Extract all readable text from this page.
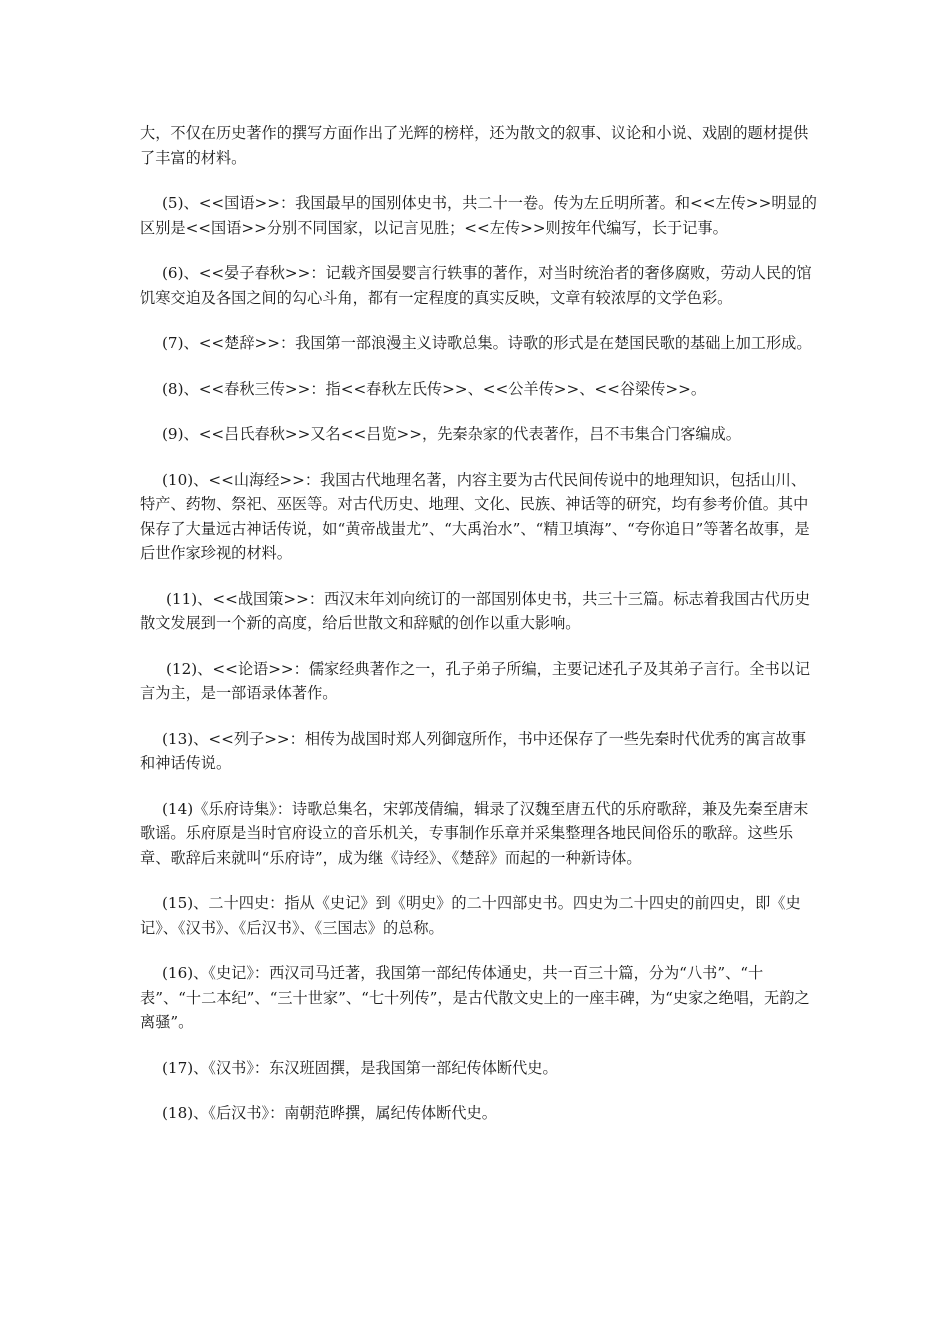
大，不仅在历史著作的撰写方面作出了光辉的榜样，还为散文的叙事、议论和小说、戏剧的题材提供了丰富的材料。

(5)、<<国语>>：我国最早的国别体史书，共二十一卷。传为左丘明所著。和<<左传>>明显的区别是<<国语>>分别不同国家，以记言见胜；<<左传>>则按年代编写，长于记事。

(6)、<<晏子春秋>>：记载齐国晏婴言行轶事的著作，对当时统治者的奢侈腐败，劳动人民的馆饥寒交迫及各国之间的勾心斗角，都有一定程度的真实反映，文章有较浓厚的文学色彩。

(7)、<<楚辞>>：我国第一部浪漫主义诗歌总集。诗歌的形式是在楚国民歌的基础上加工形成。

(8)、<<春秋三传>>：指<<春秋左氏传>>、<<公羊传>>、<<谷梁传>>。

(9)、<<吕氏春秋>>又名<<吕览>>，先秦杂家的代表著作，吕不韦集合门客编成。

(10)、<<山海经>>：我国古代地理名著，内容主要为古代民间传说中的地理知识，包括山川、特产、药物、祭祀、巫医等。对古代历史、地理、文化、民族、神话等的研究，均有参考价值。其中保存了大量远古神话传说，如“黄帝战蚩尤”、“大禹治水”、“精卫填海”、“夸你追日”等著名故事，是后世作家珍视的材料。

(11)、<<战国策>>：西汉末年刘向统订的一部国别体史书，共三十三篇。标志着我国古代历史散文发展到一个新的高度，给后世散文和辞赋的创作以重大影响。

(12)、<<论语>>：儒家经典著作之一，孔子弟子所编，主要记述孔子及其弟子言行。全书以记言为主，是一部语录体著作。

(13)、<<列子>>：相传为战国时郑人列御寇所作，书中还保存了一些先秦时代优秀的寓言故事和神话传说。

(14)《乐府诗集》：诗歌总集名，宋郭茂倩编，辑录了汉魏至唐五代的乐府歌辞，兼及先秦至唐末歌谣。乐府原是当时官府设立的音乐机关，专事制作乐章并采集整理各地民间俗乐的歌辞。这些乐章、歌辞后来就叫“乐府诗”，成为继《诗经》、《楚辞》而起的一种新诗体。

(15)、二十四史：指从《史记》到《明史》的二十四部史书。四史为二十四史的前四史，即《史记》、《汉书》、《后汉书》、《三国志》的总称。

(16)、《史记》：西汉司马迁著，我国第一部纪传体通史，共一百三十篇，分为“八书”、“十表”、“十二本纪”、“三十世家”、“七十列传”，是古代散文史上的一座丰碑，为“史家之绝唱，无韵之离骚”。

(17)、《汉书》：东汉班固撰，是我国第一部纪传体断代史。

(18)、《后汉书》：南朝范晔撰，属纪传体断代史。
